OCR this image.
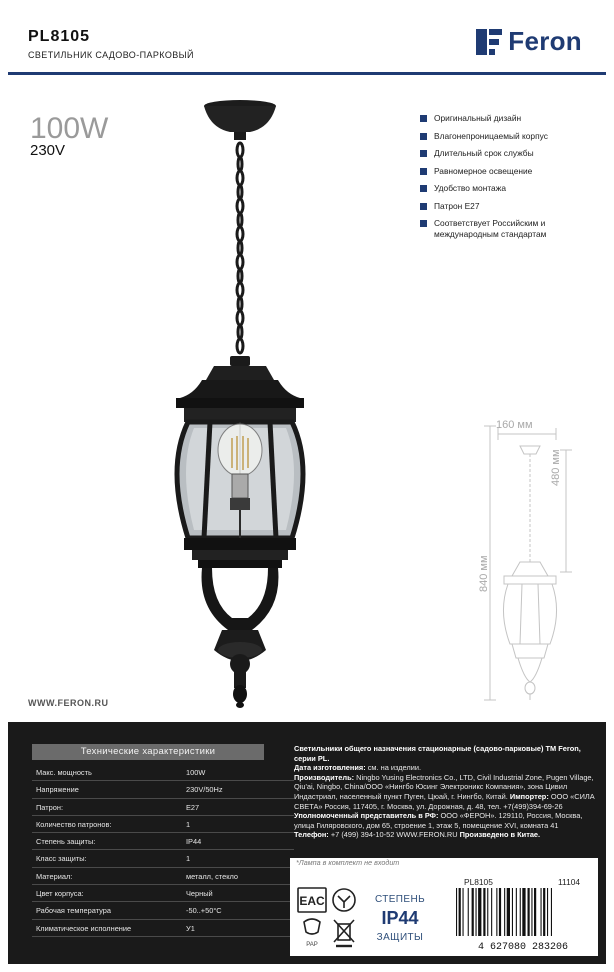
PL8105
СВЕТИЛЬНИК САДОВО-ПАРКОВЫЙ	Feron
100W
230V
Оригинальный дизайн
Влагонепроницаемый корпус
Длительный срок службы
Равномерное освещение
Удобство монтажа
Патрон E27
Соответствует Российским и международным стандартам
160 мм
480 мм
840 мм
WWW.FERON.RU
Технические характеристики
Макс. мощность	100W
Напряжение	230V/50Hz
Патрон:	E27
Количество патронов:	1
Степень защиты:	IP44
Класс защиты:	1
Материал:	металл, стекло
Цвет корпуса:	Черный
Рабочая температура	-50..+50°C
Климатическое исполнение	У1
Светильники общего назначения стационарные (садово-парковые) ТМ Feron, серии PL.
Дата изготовления: см. на изделии.
Производитель: Ningbo Yusing Electronics Co., LTD, Civil Industrial Zone, Pugen Village, Qiu'ai, Ningbo, China/ООО «Нингбо Юсинг Электроникс Компания», зона Цивил Индастриал, населенный пункт Пуген, Цюай, г. Нингбо, Китай. Импортер: ООО «СИЛА СВЕТА» Россия, 117405, г. Москва, ул. Дорожная, д. 48, тел. +7(499)394-69-26 Уполномоченный представитель в РФ: ООО «ФЕРОН». 129110, Россия, Москва, улица Гиляровского, дом 65, строение 1, этаж 5, помещение XVI, комната 41
Телефон: +7 (499) 394-10-52 WWW.FERON.RU Произведено в Китае.
*Лампа в комплект не входит
PL8105	11104
EAC
PAP
СТЕПЕНЬ
IP44
ЗАЩИТЫ
4 627080 283206
